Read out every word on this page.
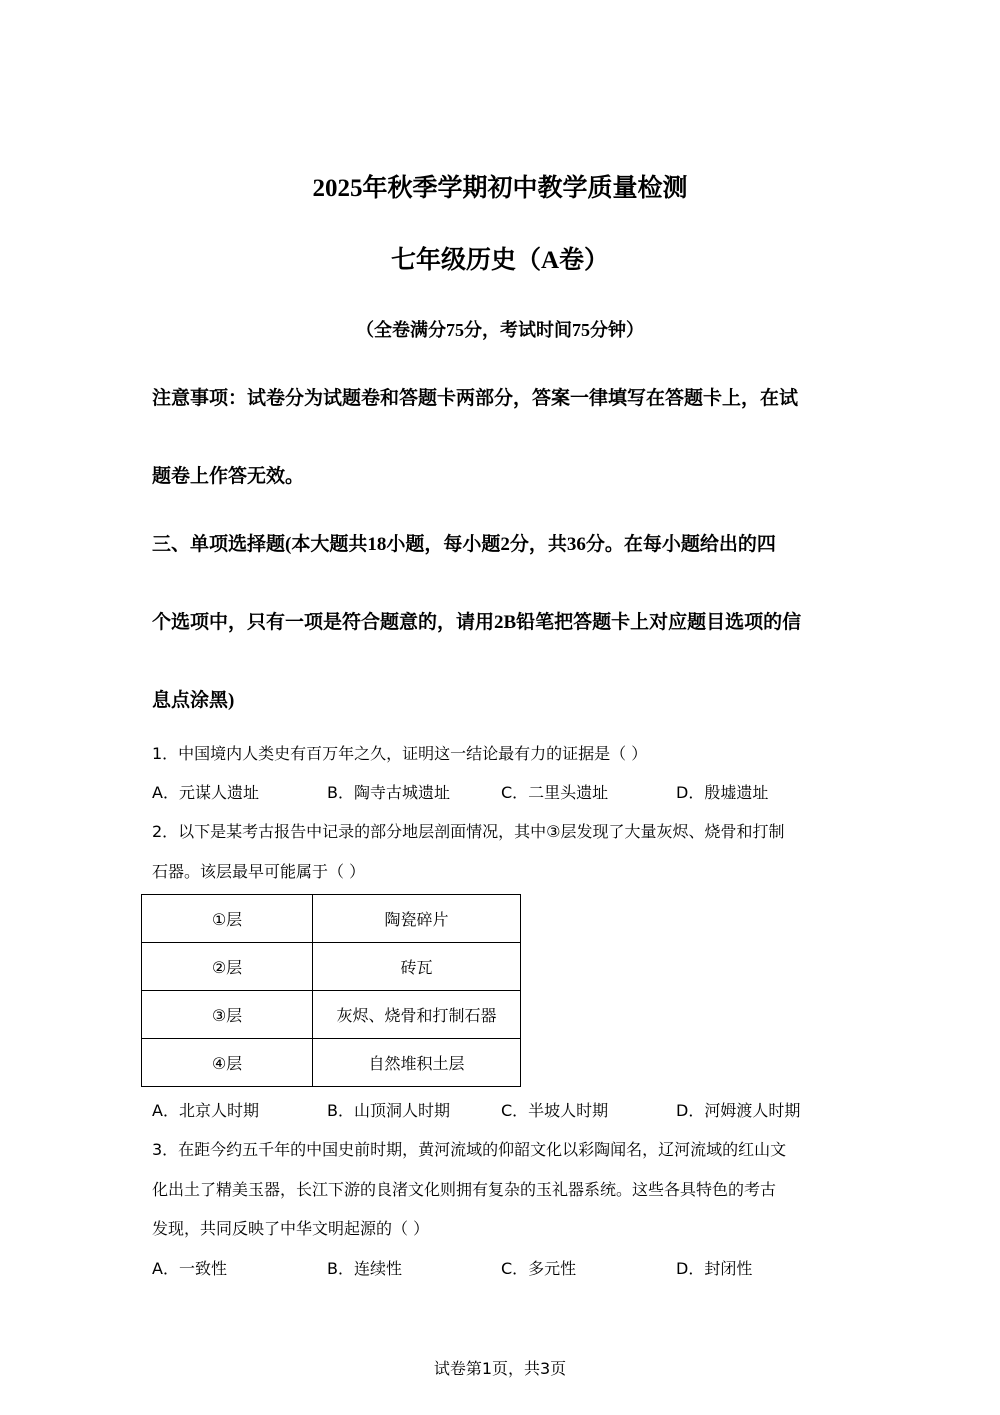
2025年秋季学期初中教学质量检测
七年级历史（A卷）
（全卷满分75分，考试时间75分钟）
注意事项：试卷分为试题卷和答题卡两部分，答案一律填写在答题卡上，在试
题卷上作答无效。
三、单项选择题(本大题共18小题，每小题2分，共36分。在每小题给出的四
个选项中，只有一项是符合题意的，请用2B铅笔把答题卡上对应题目选项的信
息点涂黑)
1．中国境内人类史有百万年之久，证明这一结论最有力的证据是（ ）
A．元谋人遗址	B．陶寺古城遗址	C．二里头遗址	D．殷墟遗址
2．以下是某考古报告中记录的部分地层剖面情况，其中③层发现了大量灰烬、烧骨和打制
石器。该层最早可能属于（ ）
①层	陶瓷碎片
②层	砖瓦
③层	灰烬、烧骨和打制石器
④层	自然堆积土层
A．北京人时期	B．山顶洞人时期	C．半坡人时期	D．河姆渡人时期
3．在距今约五千年的中国史前时期，黄河流域的仰韶文化以彩陶闻名，辽河流域的红山文
化出土了精美玉器，长江下游的良渚文化则拥有复杂的玉礼器系统。这些各具特色的考古
发现，共同反映了中华文明起源的（ ）
A．一致性	B．连续性	C．多元性	D．封闭性
试卷第1页，共3页
